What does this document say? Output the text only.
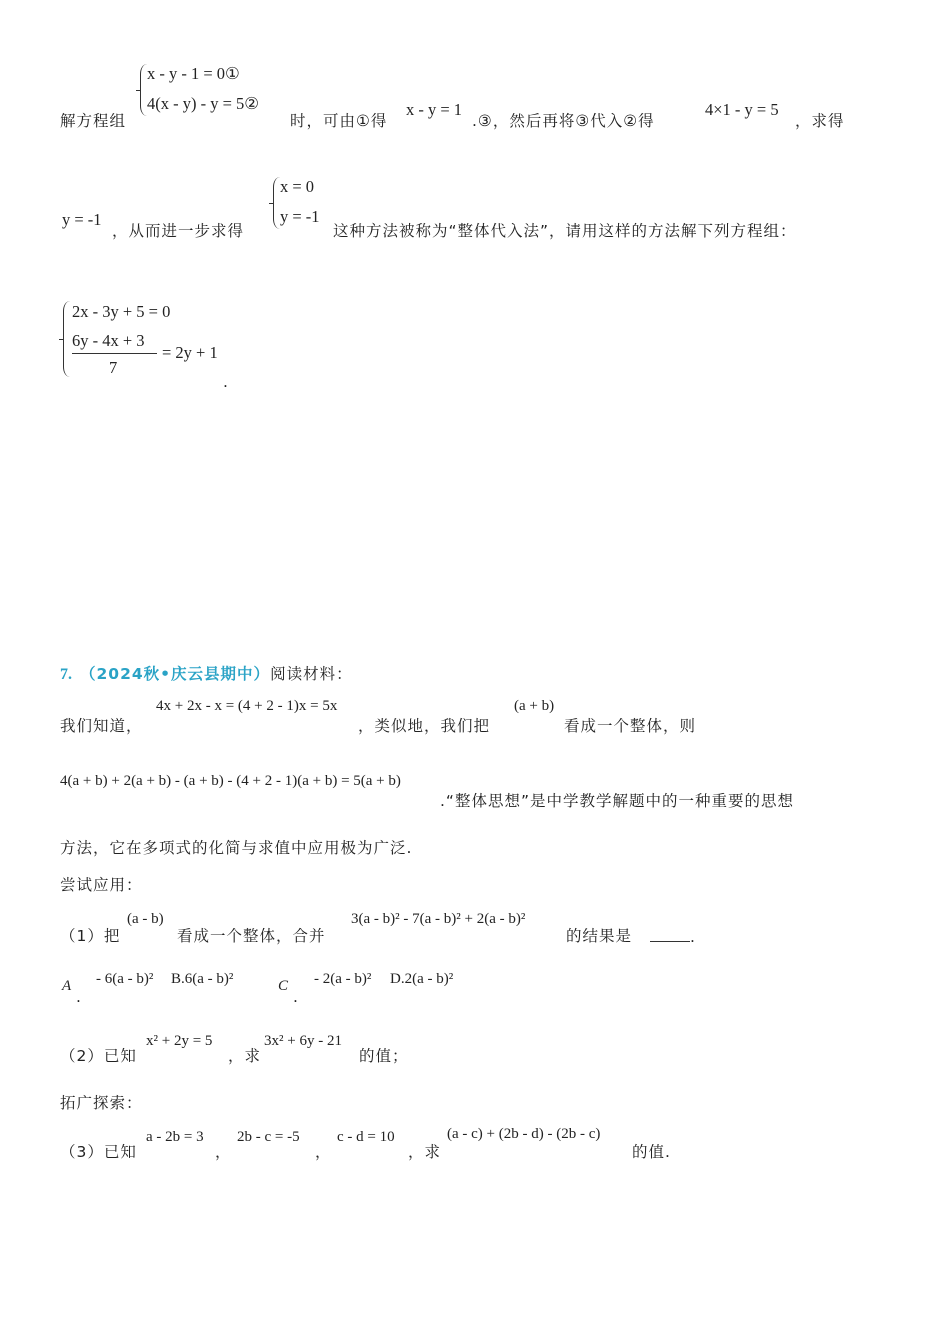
解方程组
x - y - 1 = 0①
4(x - y) - y = 5②
时，可由①得
x - y = 1
.③，然后再将③代入②得
4×1 - y = 5
，求得
y = -1
，从而进一步求得
x = 0
y = -1
这种方法被称为“整体代入法”，请用这样的方法解下列方程组：
2x - 3y + 5 = 0
6y - 4x + 3
7
= 2y + 1
.
7. （2024秋•庆云县期中）阅读材料：
我们知道，
4x + 2x - x = (4 + 2 - 1)x = 5x
，类似地，我们把
(a + b)
看成一个整体，则
4(a + b) + 2(a + b) - (a + b) - (4 + 2 - 1)(a + b) = 5(a + b)
.“整体思想”是中学教学解题中的一种重要的思想
方法，它在多项式的化简与求值中应用极为广泛.
尝试应用：
（1）把
(a - b)
看成一个整体，合并
3(a - b)² - 7(a - b)² + 2(a - b)²
的结果是	.
A
.
- 6(a - b)² B.6(a - b)²	C
.
- 2(a - b)² D.2(a - b)²
（2）已知
x² + 2y = 5
，求
3x² + 6y - 21
的值；
拓广探索：
（3）已知
a - 2b = 3
，
2b - c = -5
，
c - d = 10
，求
(a - c) + (2b - d) - (2b - c)
的值.
